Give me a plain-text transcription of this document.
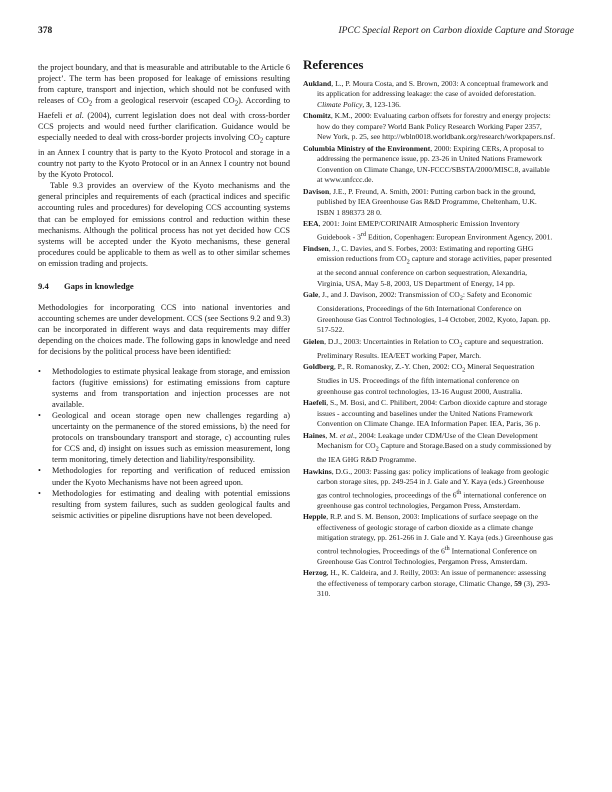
378	IPCC Special Report on Carbon dioxide Capture and Storage

the project boundary, and that is measurable and attributable to the Article 6 project’. The term has been proposed for leakage of emissions resulting from capture, transport and injection, which should not be confused with releases of $CO_2$ from a geological reservoir (escaped $CO_2$). According to Haefeli et al. (2004), current legislation does not deal with cross-border CCS projects and would need further clarification. Guidance would be especially needed to deal with cross-border projects involving $CO_2$ capture in an Annex I country that is party to the Kyoto Protocol and storage in a country not party to the Kyoto Protocol or in an Annex I country not bound by the Kyoto Protocol.

Table 9.3 provides an overview of the Kyoto mechanisms and the general principles and requirements of each (practical indices and specific accounting rules and procedures) for developing CCS accounting systems that can be employed for emissions control and reduction within these mechanisms. Although the political process has not yet decided how CCS systems will be accepted under the Kyoto mechanisms, these general procedures could be applicable to them as well as to other similar schemes on emission trading and projects.

9.4 Gaps in knowledge

Methodologies for incorporating CCS into national inventories and accounting schemes are under development. CCS (see Sections 9.2 and 9.3) can be incorporated in different ways and data requirements may differ depending on the choices made. The following gaps in knowledge and need for decisions by the political process have been identified:

• Methodologies to estimate physical leakage from storage, and emission factors (fugitive emissions) for estimating emissions from capture systems and from transportation and injection processes are not available.
• Geological and ocean storage open new challenges regarding a) uncertainty on the permanence of the stored emissions, b) the need for protocols on transboundary transport and storage, c) accounting rules for CCS and, d) insight on issues such as emission measurement, long term monitoring, timely detection and liability/responsibility.
• Methodologies for reporting and verification of reduced emission under the Kyoto Mechanisms have not been agreed upon.
• Methodologies for estimating and dealing with potential emissions resulting from system failures, such as sudden geological faults and seismic activities or pipeline disruptions have not been developed.
References

Aukland, L., P. Moura Costa, and S. Brown, 2003: A conceptual framework and its application for addressing leakage: the case of avoided deforestation. Climate Policy, 3, 123-136.

Chomitz, K.M., 2000: Evaluating carbon offsets for forestry and energy projects: how do they compare? World Bank Policy Research Working Paper 2357, New York, p. 25, see http://wbln0018.worldbank.org/research/workpapers.nsf.

Columbia Ministry of the Environment, 2000: Expiring CERs, A proposal to addressing the permanence issue, pp. 23-26 in United Nations Framework Convention on Climate Change, UN-FCCC/SBSTA/2000/MISC.8, available at www.unfccc.de.

Davison, J.E., P. Freund, A. Smith, 2001: Putting carbon back in the ground, published by IEA Greenhouse Gas R&D Programme, Cheltenham, U.K. ISBN 1 898373 28 0.

EEA, 2001: Joint EMEP/CORINAIR Atmospheric Emission Inventory Guidebook - 3rd Edition, Copenhagen: European Environment Agency, 2001.

Findsen, J., C. Davies, and S. Forbes, 2003: Estimating and reporting GHG emission reductions from $CO_2$ capture and storage activities, paper presented at the second annual conference on carbon sequestration, Alexandria, Virginia, USA, May 5-8, 2003, US Department of Energy, 14 pp.

Gale, J., and J. Davison, 2002: Transmission of $CO_2$: Safety and Economic Considerations, Proceedings of the 6th International Conference on Greenhouse Gas Control Technologies, 1-4 October, 2002, Kyoto, Japan. pp. 517-522.

Gielen, D.J., 2003: Uncertainties in Relation to $CO_2$ capture and sequestration. Preliminary Results. IEA/EET working Paper, March.

Goldberg, P., R. Romanosky, Z.-Y. Chen, 2002: $CO_2$ Mineral Sequestration Studies in US. Proceedings of the fifth international conference on greenhouse gas control technologies, 13-16 August 2000, Australia.

Haefeli, S., M. Bosi, and C. Philibert, 2004: Carbon dioxide capture and storage issues - accounting and baselines under the United Nations Framework Convention on Climate Change. IEA Information Paper. IEA, Paris, 36 p.

Haines, M. et al., 2004: Leakage under CDM/Use of the Clean Development Mechanism for $CO_2$ Capture and Storage.Based on a study commissioned by the IEA GHG R&D Programme.

Hawkins, D.G., 2003: Passing gas: policy implications of leakage from geologic carbon storage sites, pp. 249-254 in J. Gale and Y. Kaya (eds.) Greenhouse gas control technologies, proceedings of the 6th international conference on greenhouse gas control technologies, Pergamon Press, Amsterdam.

Hepple, R.P. and S. M. Benson, 2003: Implications of surface seepage on the effectiveness of geologic storage of carbon dioxide as a climate change mitigation strategy, pp. 261-266 in J. Gale and Y. Kaya (eds.) Greenhouse gas control technologies, Proceedings of the 6th International Conference on Greenhouse Gas Control Technologies, Pergamon Press, Amsterdam.

Herzog, H., K. Caldeira, and J. Reilly, 2003: An issue of permanence: assessing the effectiveness of temporary carbon storage, Climatic Change, 59 (3), 293-310.
